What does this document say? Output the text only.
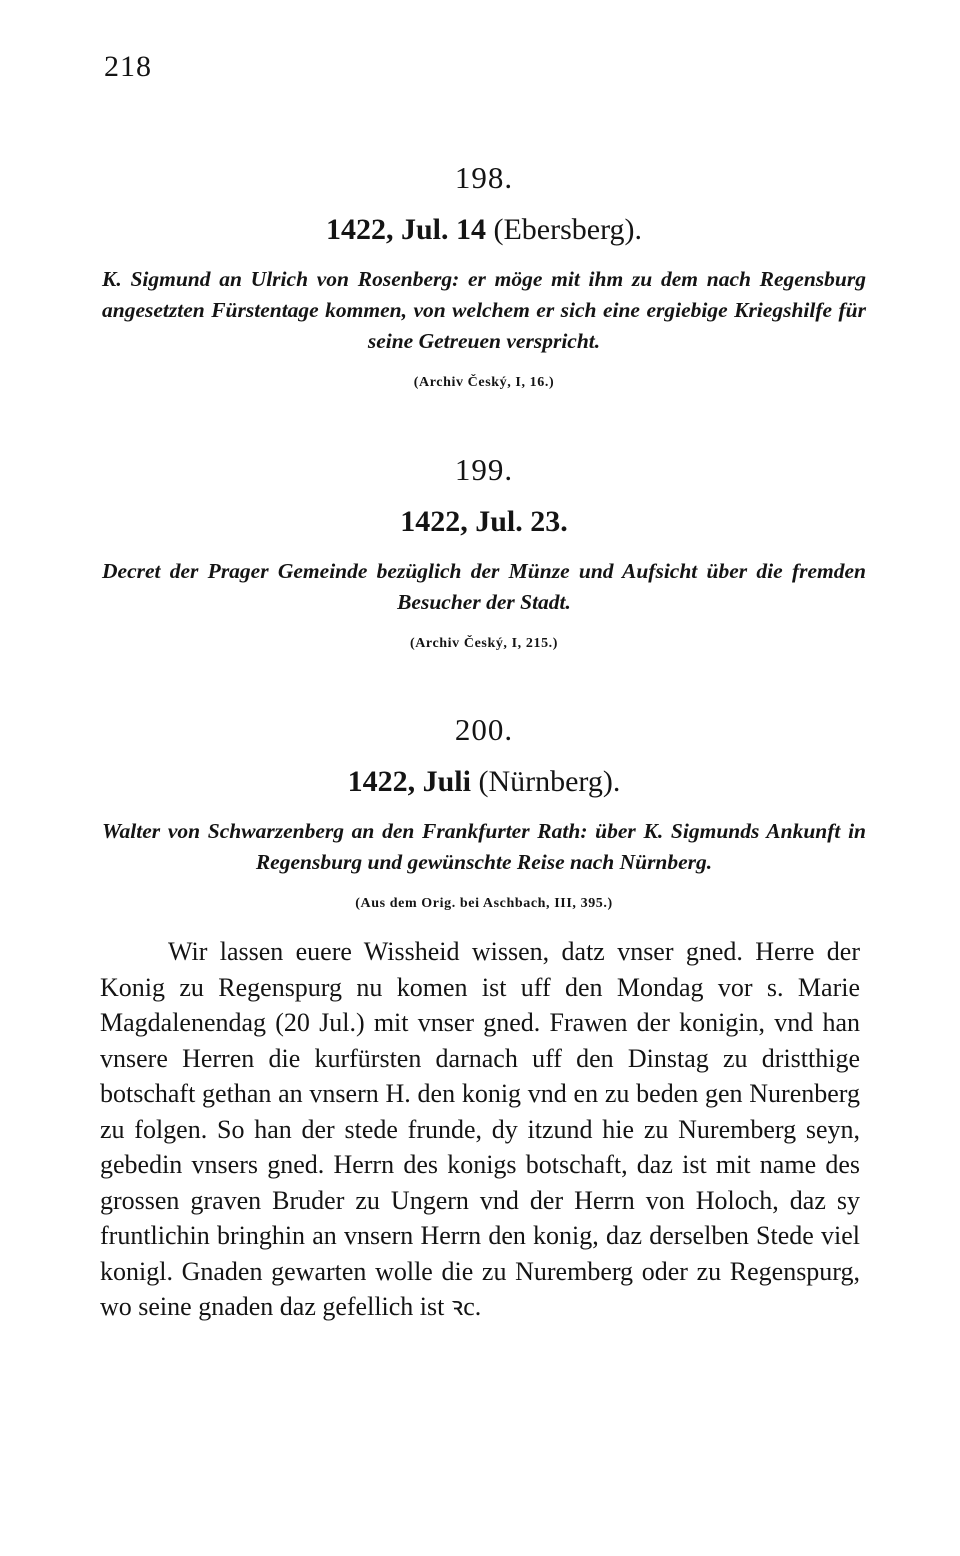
218
198.
1422, Jul. 14 (Ebersberg).
K. Sigmund an Ulrich von Rosenberg: er möge mit ihm zu dem nach Regensburg angesetzten Fürstentage kommen, von welchem er sich eine ergiebige Kriegshilfe für seine Getreuen verspricht.
(Archiv Český, I, 16.)
199.
1422, Jul. 23.
Decret der Prager Gemeinde bezüglich der Münze und Aufsicht über die fremden Besucher der Stadt.
(Archiv Český, I, 215.)
200.
1422, Juli (Nürnberg).
Walter von Schwarzenberg an den Frankfurter Rath: über K. Sigmunds Ankunft in Regensburg und gewünschte Reise nach Nürnberg.
(Aus dem Orig. bei Aschbach, III, 395.)
Wir lassen euere Wissheid wissen, datz vnser gned. Herre der Konig zu Regenspurg nu komen ist uff den Mondag vor s. Marie Magdalenendag (20 Jul.) mit vnser gned. Frawen der konigin, vnd han vnsere Herren die kurfürsten darnach uff den Dinstag zu dristthige botschaft gethan an vnsern H. den konig vnd en zu beden gen Nurenberg zu folgen. So han der stede frunde, dy itzund hie zu Nuremberg seyn, gebedin vnsers gned. Herrn des konigs botschaft, daz ist mit name des grossen graven Bruder zu Ungern vnd der Herrn von Holoch, daz sy fruntlichin bringhin an vnsern Herrn den konig, daz derselben Stede viel konigl. Gnaden gewarten wolle die zu Nuremberg oder zu Regenspurg, wo seine gnaden daz gefellich ist ꝛc.
